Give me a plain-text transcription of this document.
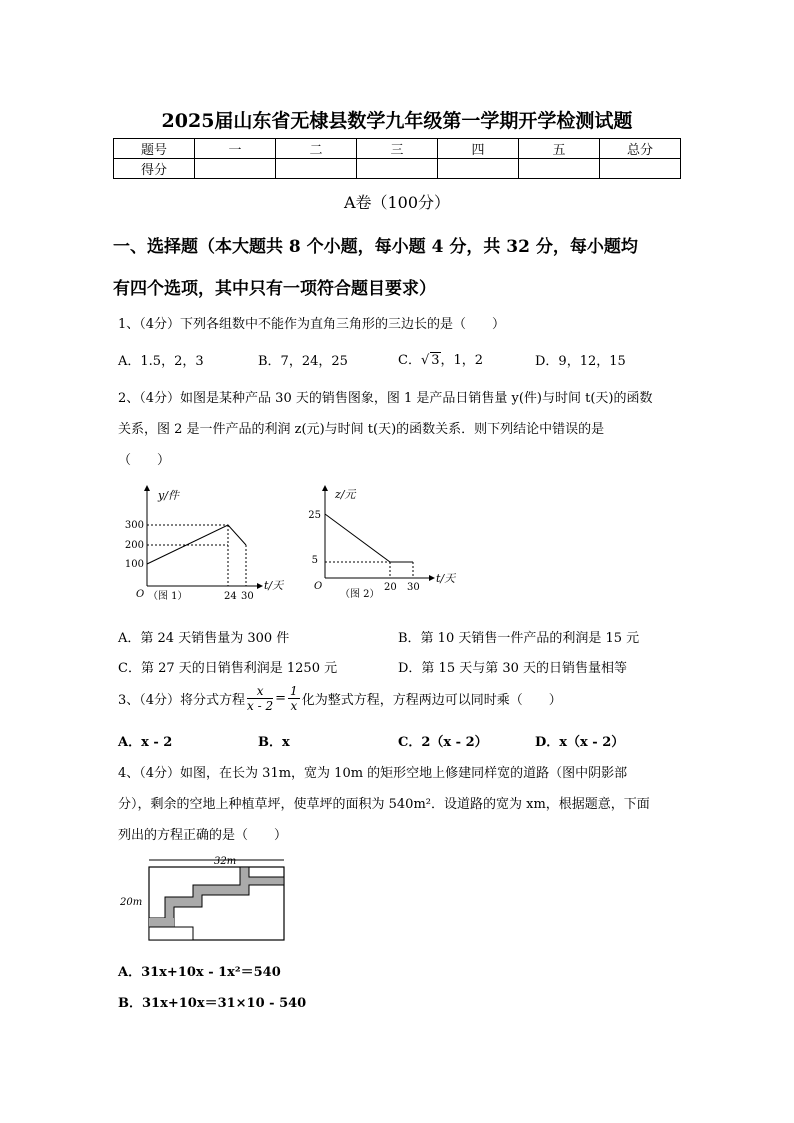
2025届山东省无棣县数学九年级第一学期开学检测试题
题号	一	二	三	四	五	总分
得分						
A卷（100分）
一、选择题（本大题共 8 个小题，每小题 4 分，共 32 分，每小题均
有四个选项，其中只有一项符合题目要求）
1、（4分）下列各组数中不能作为直角三角形的三边长的是（　　）
A．1.5，2，3	B．7，24，25	C．√ 3，1，2	D．9，12，15
2、（4分）如图是某种产品 30 天的销售图象，图 1 是产品日销售量 y(件)与时间 t(天)的函数
关系，图 2 是一件产品的利润 z(元)与时间 t(天)的函数关系．则下列结论中错误的是
（　　）
y/件
300
200
100
O （图 1）	24 30
t/天
z/元
25
5
O
（图 2）
20 30
t/天
A．第 24 天销售量为 300 件	B．第 10 天销售一件产品的利润是 15 元
C．第 27 天的日销售利润是 1250 元	D．第 15 天与第 30 天的日销售量相等
3、（4分）将分式方程 $\frac{x}{x - 2} = \frac{1}{x}$ 化为整式方程，方程两边可以同时乘（　　）
A．x - 2	B．x	C．2（x - 2）	D．x（x - 2）
4、（4分）如图，在长为 31m，宽为 10m 的矩形空地上修建同样宽的道路（图中阴影部
分），剩余的空地上种植草坪，使草坪的面积为 540m²．设道路的宽为 xm，根据题意，下面
列出的方程正确的是（　　）
32m
20m
A．31x+10x - 1x²＝540
B．31x+10x＝31×10 - 540
